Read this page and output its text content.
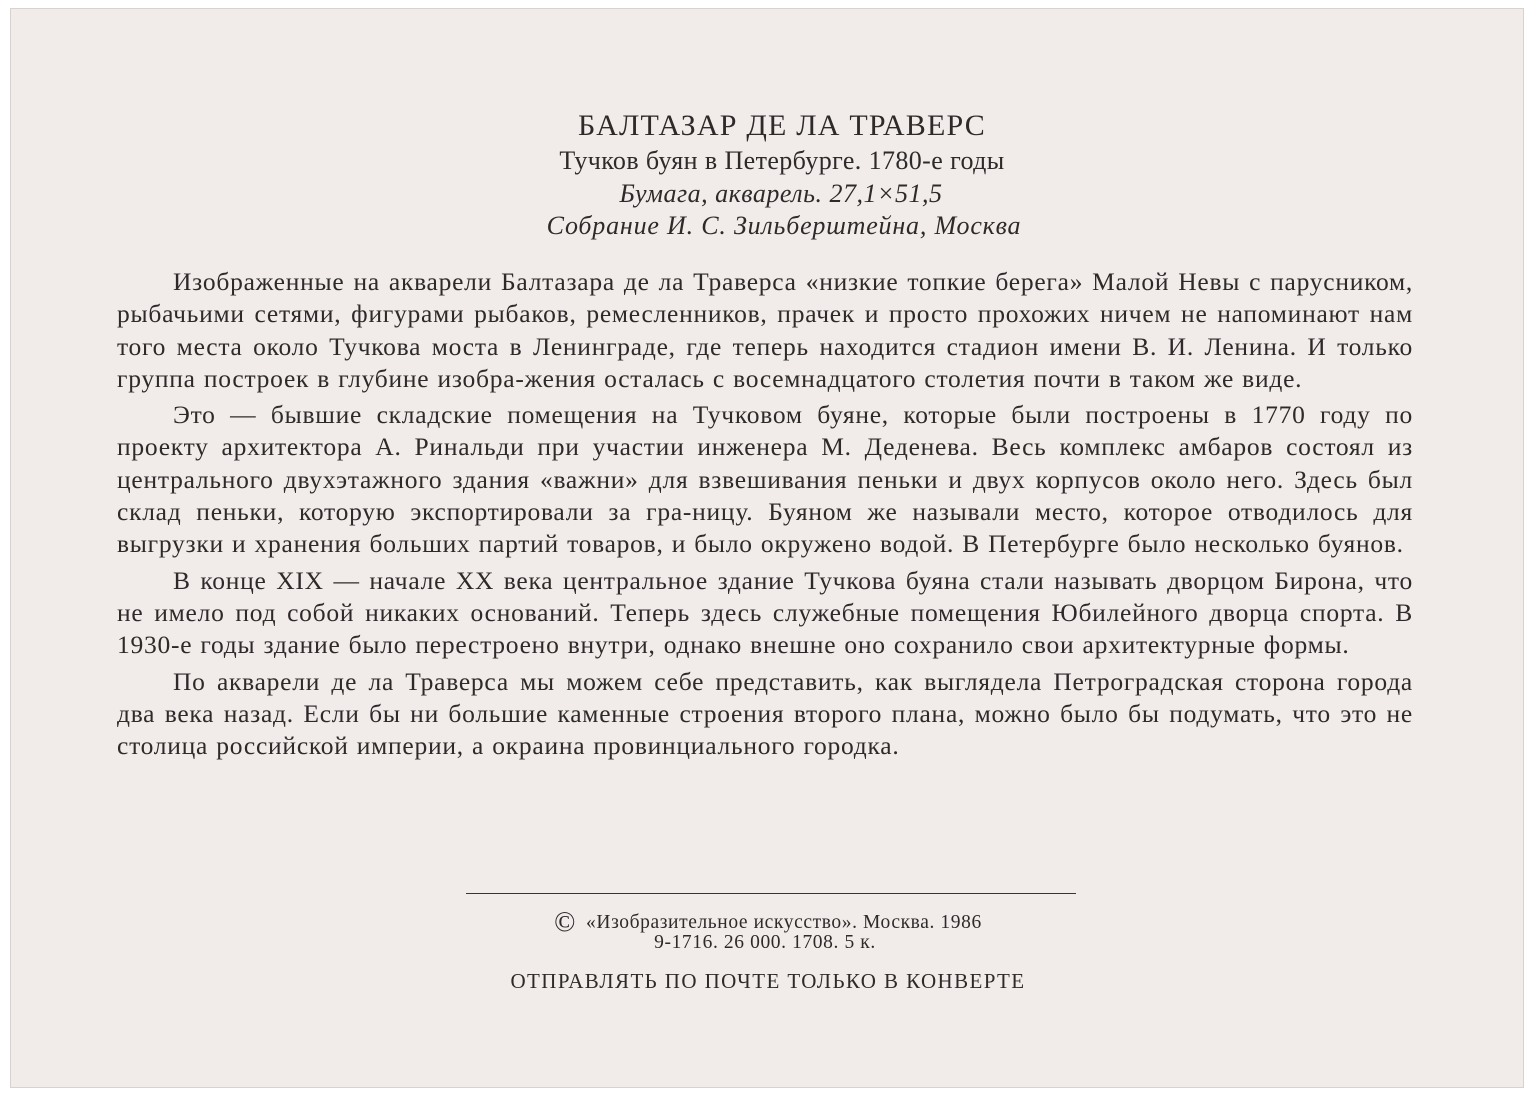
БАЛТАЗАР ДЕ ЛА ТРАВЕРС
Тучков буян в Петербурге. 1780-е годы
Бумага, акварель. 27,1×51,5
Собрание И. С. Зильберштейна, Москва

Изображенные на акварели Балтазара де ла Траверса «низкие топкие берега» Малой Невы с парусником, рыбачьими сетями, фигурами рыбаков, ремесленников, прачек и просто прохожих ничем не напоминают нам того места около Тучкова моста в Ленинграде, где теперь находится стадион имени В. И. Ленина. И только группа построек в глубине изобра-жения осталась с восемнадцатого столетия почти в таком же виде.

Это — бывшие складские помещения на Тучковом буяне, которые были построены в 1770 году по проекту архитектора А. Ринальди при участии инженера М. Деденева. Весь комплекс амбаров состоял из центрального двухэтажного здания «важни» для взвешивания пеньки и двух корпусов около него. Здесь был склад пеньки, которую экспортировали за гра-ницу. Буяном же называли место, которое отводилось для выгрузки и хранения больших партий товаров, и было окружено водой. В Петербурге было несколько буянов.

В конце XIX — начале XX века центральное здание Тучкова буяна стали называть дворцом Бирона, что не имело под собой никаких оснований. Теперь здесь служебные помещения Юбилейного дворца спорта. В 1930-е годы здание было перестроено внутри, однако внешне оно сохранило свои архитектурные формы.

По акварели де ла Траверса мы можем себе представить, как выглядела Петроградская сторона города два века назад. Если бы ни большие каменные строения второго плана, можно было бы подумать, что это не столица российской империи, а окраина провинциального городка.

© «Изобразительное искусство». Москва. 1986
9-1716. 26 000. 1708. 5 к.
ОТПРАВЛЯТЬ ПО ПОЧТЕ ТОЛЬКО В КОНВЕРТЕ
